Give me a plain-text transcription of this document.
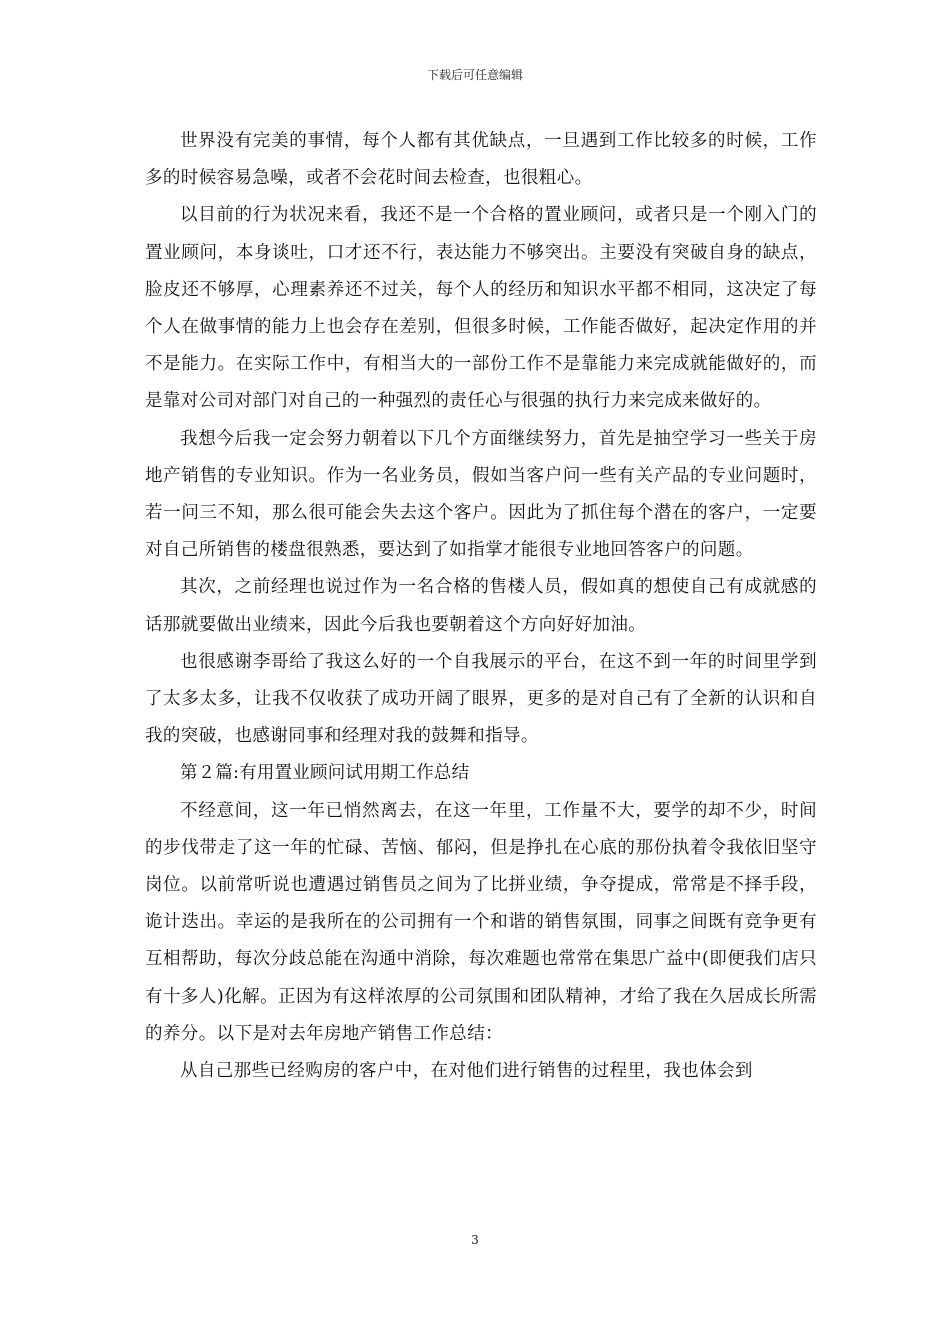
下载后可任意编辑

世界没有完美的事情，每个人都有其优缺点，一旦遇到工作比较多的时候，工作多的时候容易急噪，或者不会花时间去检查，也很粗心。

以目前的行为状况来看，我还不是一个合格的置业顾问，或者只是一个刚入门的置业顾问，本身谈吐，口才还不行，表达能力不够突出。主要没有突破自身的缺点，脸皮还不够厚，心理素养还不过关，每个人的经历和知识水平都不相同，这决定了每个人在做事情的能力上也会存在差别，但很多时候，工作能否做好，起决定作用的并不是能力。在实际工作中，有相当大的一部份工作不是靠能力来完成就能做好的，而是靠对公司对部门对自己的一种强烈的责任心与很强的执行力来完成来做好的。

我想今后我一定会努力朝着以下几个方面继续努力，首先是抽空学习一些关于房地产销售的专业知识。作为一名业务员，假如当客户问一些有关产品的专业问题时，若一问三不知，那么很可能会失去这个客户。因此为了抓住每个潜在的客户，一定要对自己所销售的楼盘很熟悉，要达到了如指掌才能很专业地回答客户的问题。

其次，之前经理也说过作为一名合格的售楼人员，假如真的想使自己有成就感的话那就要做出业绩来，因此今后我也要朝着这个方向好好加油。

也很感谢李哥给了我这么好的一个自我展示的平台，在这不到一年的时间里学到了太多太多，让我不仅收获了成功开阔了眼界，更多的是对自己有了全新的认识和自我的突破，也感谢同事和经理对我的鼓舞和指导。

第２篇:有用置业顾问试用期工作总结

不经意间，这一年已悄然离去，在这一年里，工作量不大，要学的却不少，时间的步伐带走了这一年的忙碌、苦恼、郁闷，但是挣扎在心底的那份执着令我依旧坚守岗位。以前常听说也遭遇过销售员之间为了比拼业绩，争夺提成，常常是不择手段，诡计迭出。幸运的是我所在的公司拥有一个和谐的销售氛围，同事之间既有竞争更有互相帮助，每次分歧总能在沟通中消除，每次难题也常常在集思广益中(即便我们店只有十多人)化解。正因为有这样浓厚的公司氛围和团队精神，才给了我在久居成长所需的养分。以下是对去年房地产销售工作总结：

从自己那些已经购房的客户中，在对他们进行销售的过程里，我也体会到

3
